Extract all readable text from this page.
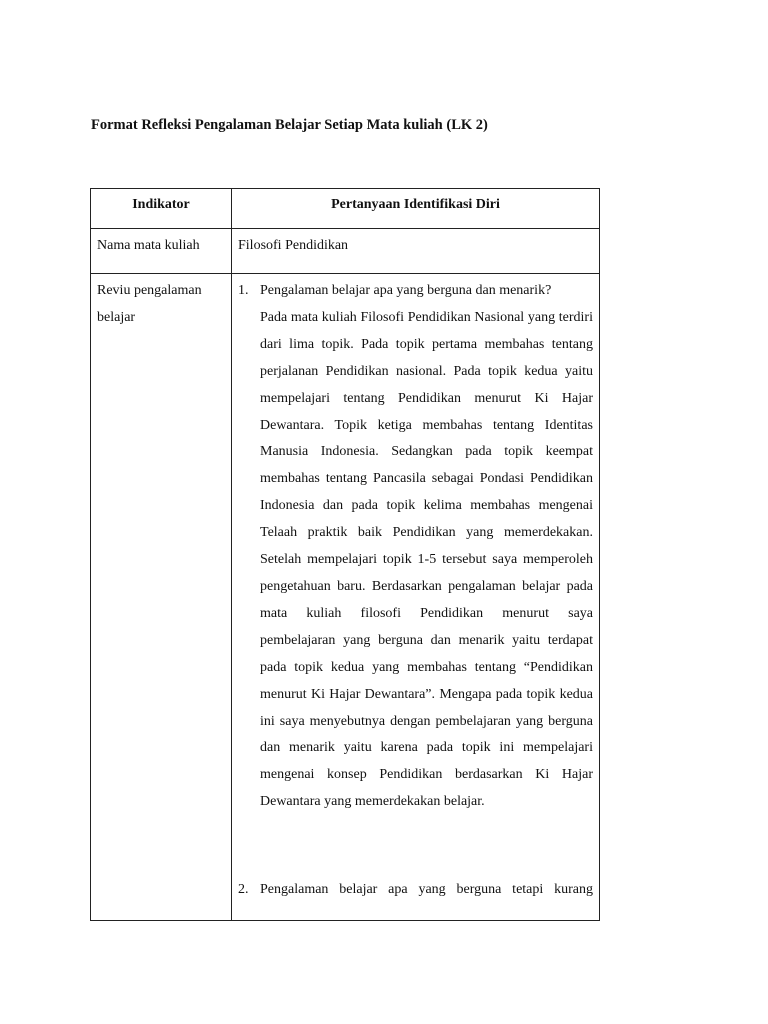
Format Refleksi Pengalaman Belajar Setiap Mata kuliah (LK 2)
Indikator	Pertanyaan Identifikasi Diri
Nama mata kuliah	Filosofi Pendidikan
Reviu pengalaman
belajar
1. Pengalaman belajar apa yang berguna dan menarik?
Pada mata kuliah Filosofi Pendidikan Nasional yang terdiri dari lima topik. Pada topik pertama membahas tentang perjalanan Pendidikan nasional. Pada topik kedua yaitu mempelajari tentang Pendidikan menurut Ki Hajar Dewantara. Topik ketiga membahas tentang Identitas Manusia Indonesia. Sedangkan pada topik keempat membahas tentang Pancasila sebagai Pondasi Pendidikan Indonesia dan pada topik kelima membahas mengenai Telaah praktik baik Pendidikan yang memerdekakan. Setelah mempelajari topik 1-5 tersebut saya memperoleh pengetahuan baru. Berdasarkan pengalaman belajar pada mata kuliah filosofi Pendidikan menurut saya pembelajaran yang berguna dan menarik yaitu terdapat pada topik kedua yang membahas tentang “Pendidikan menurut Ki Hajar Dewantara”. Mengapa pada topik kedua ini saya menyebutnya dengan pembelajaran yang berguna dan menarik yaitu karena pada topik ini mempelajari mengenai konsep Pendidikan berdasarkan Ki Hajar Dewantara yang memerdekakan belajar.
2. Pengalaman belajar apa yang berguna tetapi kurang
